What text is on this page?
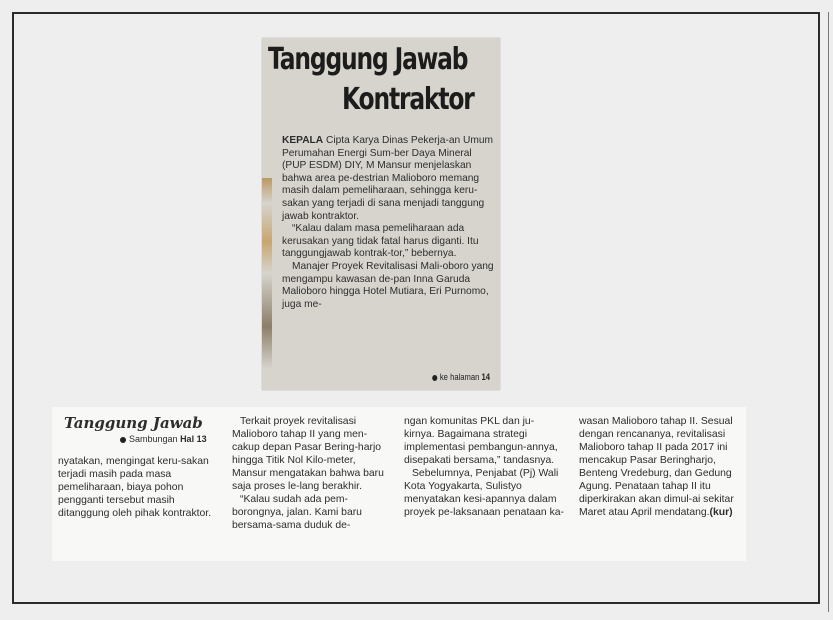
Tanggung Jawab
Kontraktor

KEPALA Cipta Karya Dinas Pekerja-an Umum Perumahan Energi Sum-ber Daya Mineral (PUP ESDM) DIY, M Mansur menjelaskan bahwa area pe-destrian Malioboro memang masih dalam pemeliharaan, sehingga keru-sakan yang terjadi di sana menjadi tanggung jawab kontraktor.

“Kalau dalam masa pemeliharaan ada kerusakan yang tidak fatal harus diganti. Itu tanggungjawab kontrak-tor,” bebernya.

Manajer Proyek Revitalisasi Mali-oboro yang mengampu kawasan de-pan Inna Garuda Malioboro hingga Hotel Mutiara, Eri Purnomo, juga me-

ke halaman 14
Tanggung Jawab
Sambungan Hal 13

nyatakan, mengingat keru-sakan terjadi masih pada masa pemeliharaan, biaya pohon pengganti tersebut masih ditanggung oleh pihak kontraktor.

Terkait proyek revitalisasi Malioboro tahap II yang men-cakup depan Pasar Bering-harjo hingga Titik Nol Kilo-meter, Mansur mengatakan bahwa baru saja proses le-lang berakhir.

“Kalau sudah ada pem-borongnya, jalan. Kami baru bersama-sama duduk de-

ngan komunitas PKL dan ju-kirnya. Bagaimana strategi implementasi pembangun-annya, disepakati bersama,” tandasnya.

Sebelumnya, Penjabat (Pj) Wali Kota Yogyakarta, Sulistyo menyatakan kesi-apannya dalam proyek pe-laksanaan penataan ka-

wasan Malioboro tahap II. Sesual dengan rencananya, revitalisasi Malioboro tahap II pada 2017 ini mencakup Pasar Beringharjo, Benteng Vredeburg, dan Gedung Agung. Penataan tahap II itu diperkirakan akan dimul-ai sekitar Maret atau April mendatang.(kur)
